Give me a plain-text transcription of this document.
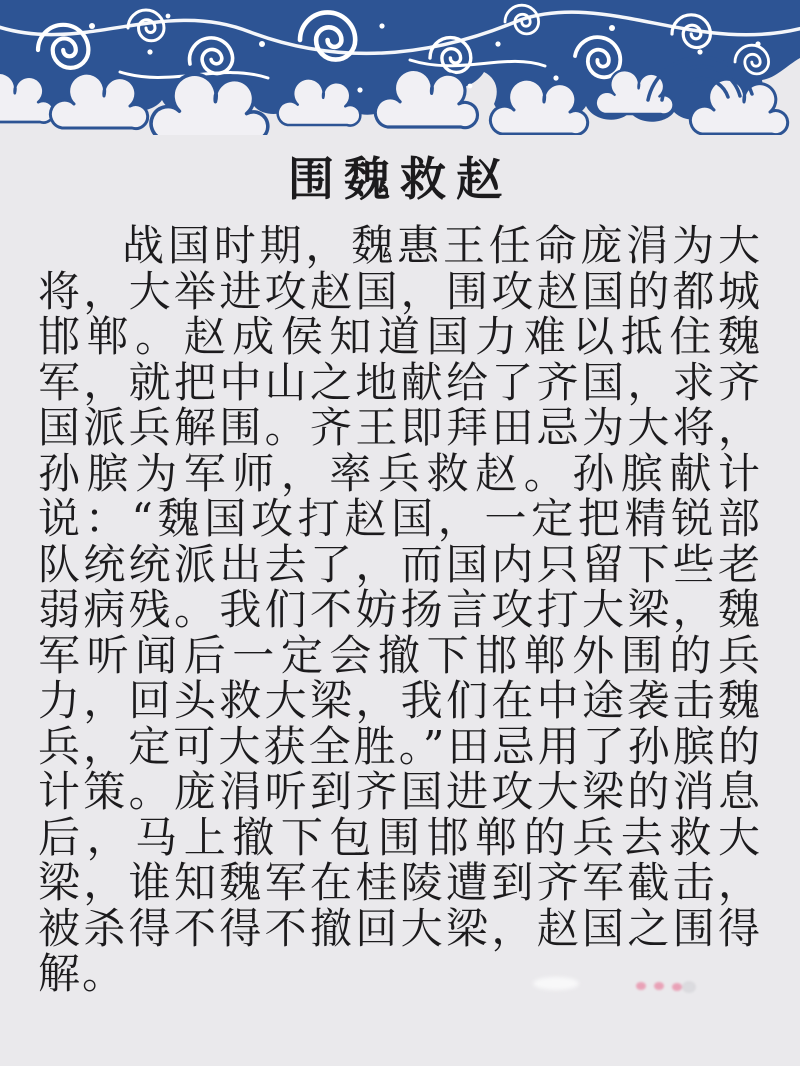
围魏救赵

战国时期，魏惠王任命庞涓为大将，大举进攻赵国，围攻赵国的都城邯郸。赵成侯知道国力难以抵住魏军，就把中山之地献给了齐国，求齐国派兵解围。齐王即拜田忌为大将，孙膑为军师，率兵救赵。孙膑献计说：“魏国攻打赵国，一定把精锐部队统统派出去了，而国内只留下些老弱病残。我们不妨扬言攻打大梁，魏军听闻后一定会撤下邯郸外围的兵力，回头救大梁，我们在中途袭击魏兵，定可大获全胜。”田忌用了孙膑的计策。庞涓听到齐国进攻大梁的消息后，马上撤下包围邯郸的兵去救大梁，谁知魏军在桂陵遭到齐军截击，被杀得不得不撤回大梁，赵国之围得解。
